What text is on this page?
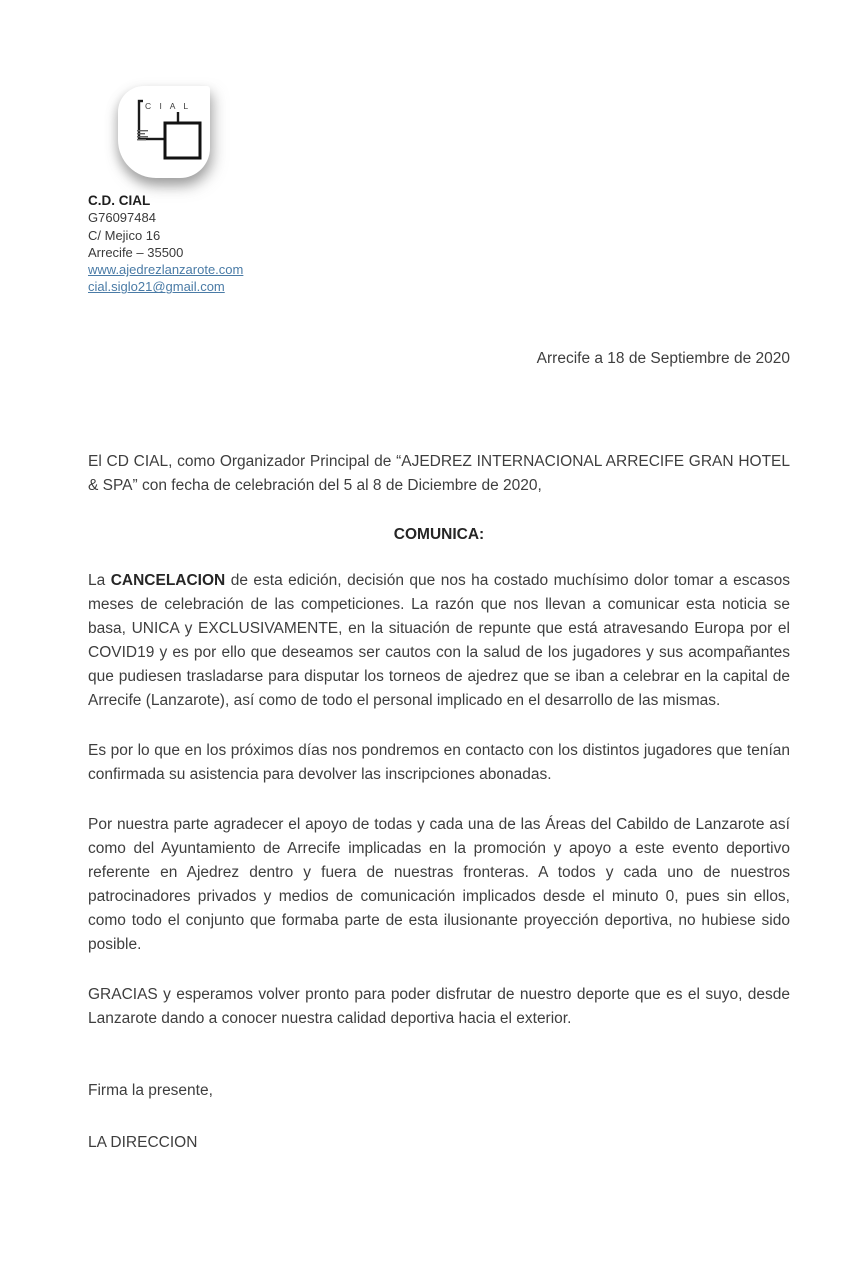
C I A L
C.D. CIAL
G76097484
C/ Mejico 16
Arrecife – 35500
www.ajedrezlanzarote.com
cial.siglo21@gmail.com

Arrecife a 18 de Septiembre de 2020

El CD CIAL, como Organizador Principal de “AJEDREZ INTERNACIONAL ARRECIFE GRAN HOTEL & SPA” con fecha de celebración del 5 al 8 de Diciembre de 2020,

COMUNICA:

La CANCELACION de esta edición, decisión que nos ha costado muchísimo dolor tomar a escasos meses de celebración de las competiciones. La razón que nos llevan a comunicar esta noticia se basa, UNICA y EXCLUSIVAMENTE, en la situación de repunte que está atravesando Europa por el COVID19 y es por ello que deseamos ser cautos con la salud de los jugadores y sus acompañantes que pudiesen trasladarse para disputar los torneos de ajedrez que se iban a celebrar en la capital de Arrecife (Lanzarote), así como de todo el personal implicado en el desarrollo de las mismas.

Es por lo que en los próximos días nos pondremos en contacto con los distintos jugadores que tenían confirmada su asistencia para devolver las inscripciones abonadas.

Por nuestra parte agradecer el apoyo de todas y cada una de las Áreas del Cabildo de Lanzarote así como del Ayuntamiento de Arrecife implicadas en la promoción y apoyo a este evento deportivo referente en Ajedrez dentro y fuera de nuestras fronteras. A todos y cada uno de nuestros patrocinadores privados y medios de comunicación implicados desde el minuto 0, pues sin ellos, como todo el conjunto que formaba parte de esta ilusionante proyección deportiva, no hubiese sido posible.

GRACIAS y esperamos volver pronto para poder disfrutar de nuestro deporte que es el suyo, desde Lanzarote dando a conocer nuestra calidad deportiva hacia el exterior.

Firma la presente,

LA DIRECCION
